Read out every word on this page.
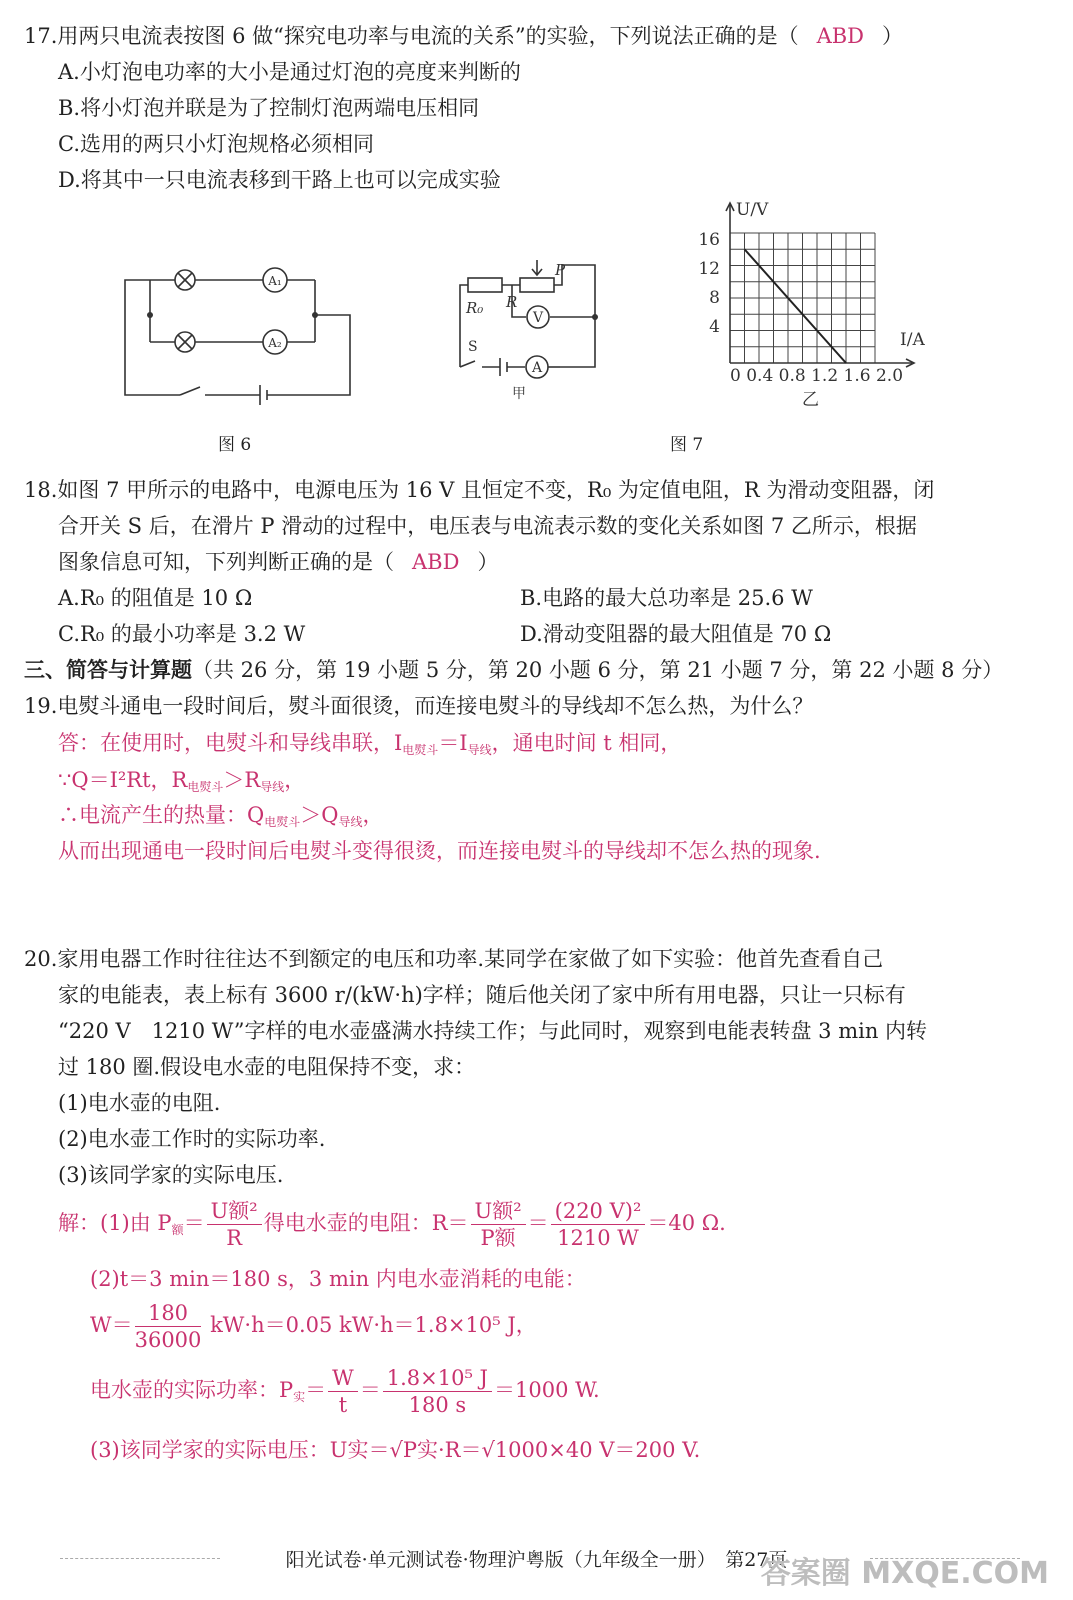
17.用两只电流表按图 6 做“探究电功率与电流的关系”的实验，下列说法正确的是（ ABD ）
A.小灯泡电功率的大小是通过灯泡的亮度来判断的
B.将小灯泡并联是为了控制灯泡两端电压相同
C.选用的两只小灯泡规格必须相同
D.将其中一只电流表移到干路上也可以完成实验
A₁
A₂
图 6
R₀ R
P
V
A
S
甲
U/V
I/A
16
12
8
4
0 0.4 0.8 1.2 1.6 2.0
乙
图 7
18.如图 7 甲所示的电路中，电源电压为 16 V 且恒定不变，R₀ 为定值电阻，R 为滑动变阻器，闭
合开关 S 后，在滑片 P 滑动的过程中，电压表与电流表示数的变化关系如图 7 乙所示，根据
图象信息可知，下列判断正确的是（ ABD ）
A.R₀ 的阻值是 10 Ω	B.电路的最大总功率是 25.6 W
C.R₀ 的最小功率是 3.2 W	D.滑动变阻器的最大阻值是 70 Ω
三、简答与计算题（共 26 分，第 19 小题 5 分，第 20 小题 6 分，第 21 小题 7 分，第 22 小题 8 分）
19.电熨斗通电一段时间后，熨斗面很烫，而连接电熨斗的导线却不怎么热，为什么？
答：在使用时，电熨斗和导线串联，$I_{电熨斗}=I_{导线}$，通电时间 t 相同，
∵Q＝I²Rt，$R_{电熨斗}>R_{导线}$，
∴电流产生的热量：$Q_{电熨斗}>Q_{导线}$，
从而出现通电一段时间后电熨斗变得很烫，而连接电熨斗的导线却不怎么热的现象.
20.家用电器工作时往往达不到额定的电压和功率.某同学在家做了如下实验：他首先查看自己
家的电能表，表上标有 3600 r/(kW·h)字样；随后他关闭了家中所有用电器，只让一只标有
“220 V　1210 W”字样的电水壶盛满水持续工作；与此同时，观察到电能表转盘 3 min 内转
过 180 圈.假设电水壶的电阻保持不变，求：
(1)电水壶的电阻.
(2)电水壶工作时的实际功率.
(3)该同学家的实际电压.
解：(1)由 $P_额= \frac{\text{U额²}}{R}$ 得电水壶的电阻：$R= \frac{\text{U额²}}{\text{P额}} = \frac{\text{(220 V)²}}{1210 W} =40$ Ω.
(2)t＝3 min＝180 s，3 min 内电水壶消耗的电能：
$W= \frac{180}{36000} kW\cdot h=0.05$ kW·h＝1.8×10⁵ J，
电水壶的实际功率：$P_实= \frac{W}{t} = \frac{\text{1.8×10⁵ J}}{180 s} =1000$ W.
(3)该同学家的实际电压：U实＝√P实·R＝√1000×40 V＝200 V.
阳光试卷·单元测试卷·物理沪粤版（九年级全一册）　第27页
答案圈 MXQE.COM
